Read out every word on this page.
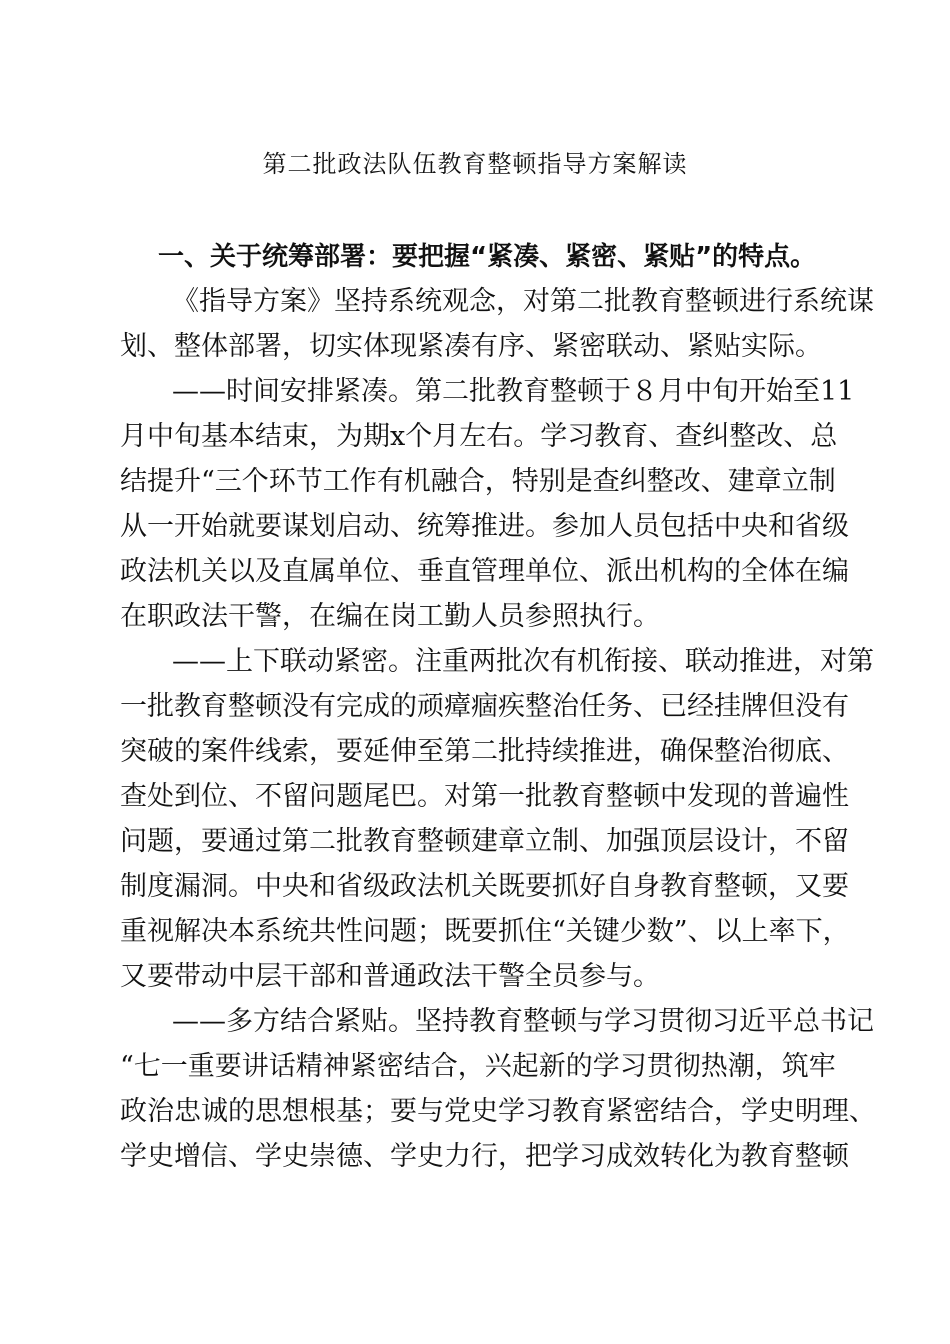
第二批政法队伍教育整顿指导方案解读
一、关于统筹部署：要把握“紧凑、紧密、紧贴”的特点。
《指导方案》坚持系统观念，对第二批教育整顿进行系统谋
划、整体部署，切实体现紧凑有序、紧密联动、紧贴实际。
——时间安排紧凑。第二批教育整顿于８月中旬开始至11
月中旬基本结束，为期x个月左右。学习教育、查纠整改、总
结提升“三个环节工作有机融合，特别是查纠整改、建章立制
从一开始就要谋划启动、统筹推进。参加人员包括中央和省级
政法机关以及直属单位、垂直管理单位、派出机构的全体在编
在职政法干警，在编在岗工勤人员参照执行。
——上下联动紧密。注重两批次有机衔接、联动推进，对第
一批教育整顿没有完成的顽瘴痼疾整治任务、已经挂牌但没有
突破的案件线索，要延伸至第二批持续推进，确保整治彻底、
查处到位、不留问题尾巴。对第一批教育整顿中发现的普遍性
问题，要通过第二批教育整顿建章立制、加强顶层设计，不留
制度漏洞。中央和省级政法机关既要抓好自身教育整顿，又要
重视解决本系统共性问题；既要抓住“关键少数”、以上率下，
又要带动中层干部和普通政法干警全员参与。
——多方结合紧贴。坚持教育整顿与学习贯彻习近平总书记
“七一重要讲话精神紧密结合，兴起新的学习贯彻热潮，筑牢
政治忠诚的思想根基；要与党史学习教育紧密结合，学史明理、
学史增信、学史崇德、学史力行，把学习成效转化为教育整顿
